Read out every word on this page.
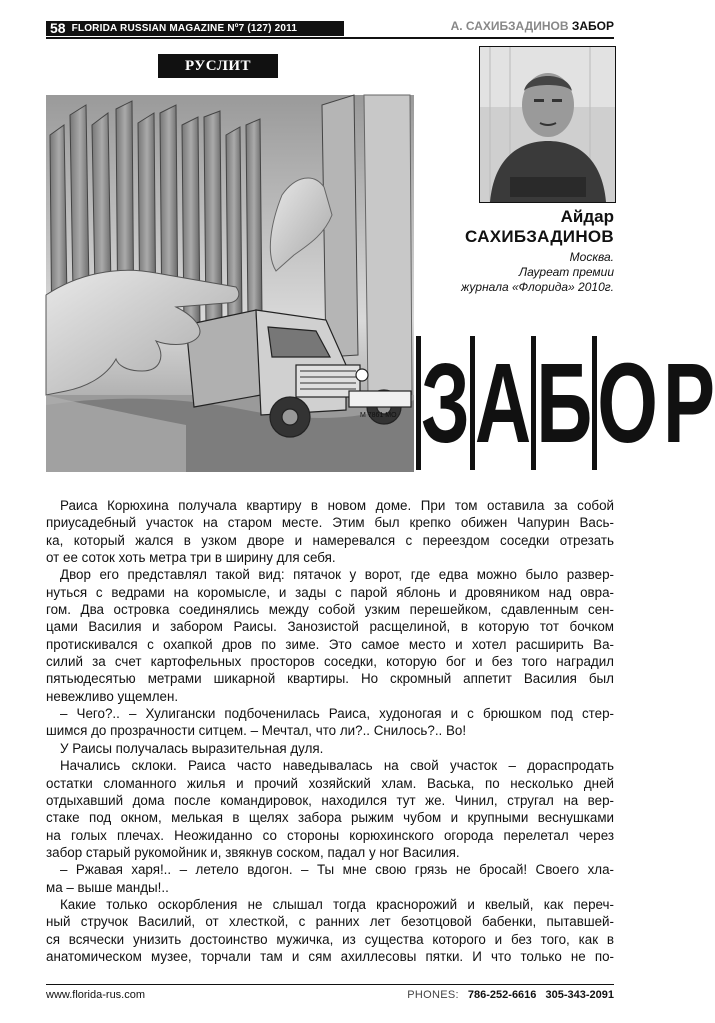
58 FLORIDA RUSSIAN MAGAZINE Nº7 (127) 2011	А. САХИБЗАДИНОВ ЗАБОР
РУСЛИТ
М 7861 МО
Айдар
САХИБЗАДИНОВ
Москва.
Лауреат премии
журнала «Флорида» 2010г.
З А Б О Р
Раиса Корюхина получала квартиру в новом доме. При том оставила за собой
приусадебный участок на старом месте. Этим был крепко обижен Чапурин Вась-
ка, который жался в узком дворе и намеревался с переездом соседки отрезать
от ее соток хоть метра три в ширину для себя.
Двор его представлял такой вид: пятачок у ворот, где едва можно было развер-
нуться с ведрами на коромысле, и зады с парой яблонь и дровяником над овра-
гом. Два островка соединялись между собой узким перешейком, сдавленным сен-
цами Василия и забором Раисы. Занозистой расщелиной, в которую тот бочком
протискивался с охапкой дров по зиме. Это самое место и хотел расширить Ва-
силий за счет картофельных просторов соседки, которую бог и без того наградил
пятьюдесятью метрами шикарной квартиры. Но скромный аппетит Василия был
невежливо ущемлен.
– Чего?.. – Хулигански подбоченилась Раиса, худоногая и с брюшком под стер-
шимся до прозрачности ситцем. – Мечтал, что ли?.. Снилось?.. Во!
У Раисы получалась выразительная дуля.
Начались склоки. Раиса часто наведывалась на свой участок – дораспродать
остатки сломанного жилья и прочий хозяйский хлам. Васька, по несколько дней
отдыхавший дома после командировок, находился тут же. Чинил, стругал на вер-
стаке под окном, мелькая в щелях забора рыжим чубом и крупными веснушками
на голых плечах. Неожиданно со стороны корюхинского огорода перелетал через
забор старый рукомойник и, звякнув соском, падал у ног Василия.
– Ржавая харя!.. – летело вдогон. – Ты мне свою грязь не бросай! Своего хла-
ма – выше манды!..
Какие только оскорбления не слышал тогда краснорожий и квелый, как переч-
ный стручок Василий, от хлесткой, с ранних лет безотцовой бабенки, пытавшей-
ся всячески унизить достоинство мужичка, из существа которого и без того, как в
анатомическом музее, торчали там и сям ахиллесовы пятки. И что только не по-
www.florida-rus.com	PHONES: 786-252-6616 305-343-2091
